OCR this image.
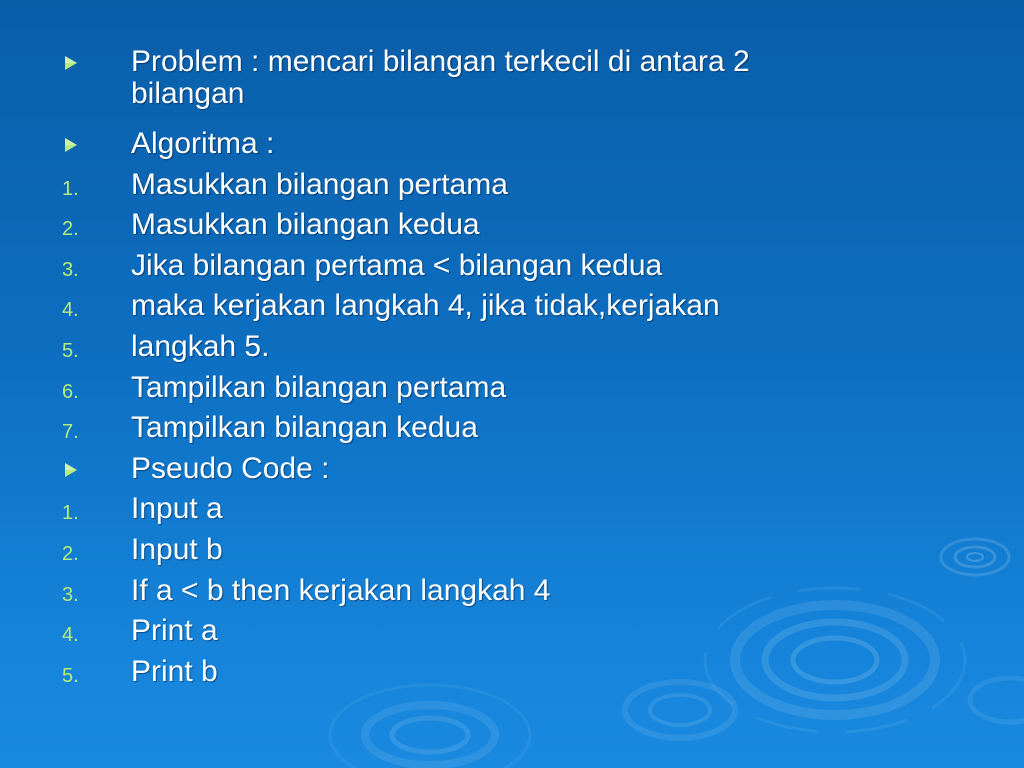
Problem : mencari bilangan terkecil di antara 2 bilangan
Algoritma :
1.	Masukkan bilangan pertama
2.	Masukkan bilangan kedua
3.	Jika bilangan pertama < bilangan kedua
4.	maka kerjakan langkah 4, jika tidak,kerjakan
5.	langkah 5.
6.	Tampilkan bilangan pertama
7.	Tampilkan bilangan kedua
Pseudo Code :
1.	Input a
2.	Input b
3.	If a < b then kerjakan langkah 4
4.	Print a
5.	Print b
